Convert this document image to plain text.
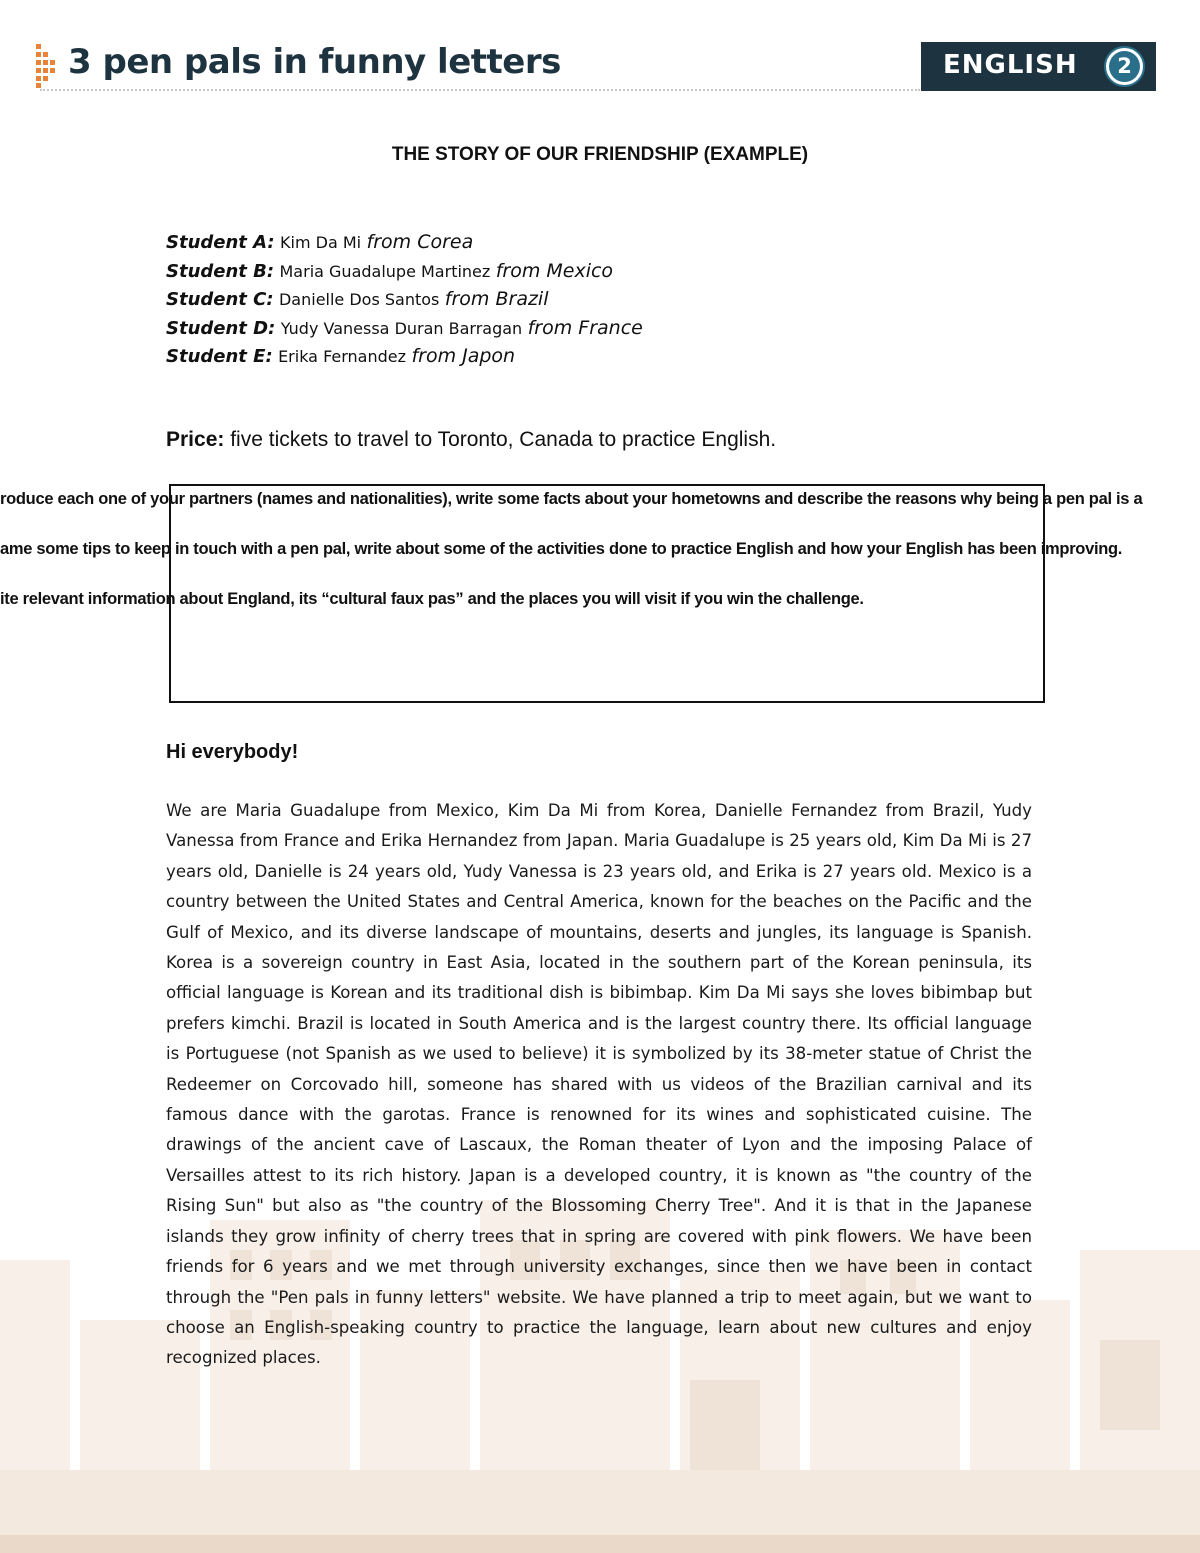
3 pen pals in funny letters	ENGLISH	2
THE STORY OF OUR FRIENDSHIP (EXAMPLE)
Student A: Kim Da Mi from Corea
Student B: Maria Guadalupe Martinez from Mexico
Student C: Danielle Dos Santos from Brazil
Student D: Yudy Vanessa Duran Barragan from France
Student E: Erika Fernandez from Japon
Price: five tickets to travel to Toronto, Canada to practice English.
roduce each one of your partners (names and nationalities), write some facts about your hometowns and describe the reasons why being a pen pal is a
ame some tips to keep in touch with a pen pal, write about some of the activities done to practice English and how your English has been improving.
ite relevant information about England, its “cultural faux pas” and the places you will visit if you win the challenge.
Hi everybody!
We are Maria Guadalupe from Mexico, Kim Da Mi from Korea, Danielle Fernandez from Brazil, Yudy Vanessa from France and Erika Hernandez from Japan. Maria Guadalupe is 25 years old, Kim Da Mi is 27 years old, Danielle is 24 years old, Yudy Vanessa is 23 years old, and Erika is 27 years old. Mexico is a country between the United States and Central America, known for the beaches on the Pacific and the Gulf of Mexico, and its diverse landscape of mountains, deserts and jungles, its language is Spanish. Korea is a sovereign country in East Asia, located in the southern part of the Korean peninsula, its official language is Korean and its traditional dish is bibimbap. Kim Da Mi says she loves bibimbap but prefers kimchi. Brazil is located in South America and is the largest country there. Its official language is Portuguese (not Spanish as we used to believe) it is symbolized by its 38-meter statue of Christ the Redeemer on Corcovado hill, someone has shared with us videos of the Brazilian carnival and its famous dance with the garotas. France is renowned for its wines and sophisticated cuisine. The drawings of the ancient cave of Lascaux, the Roman theater of Lyon and the imposing Palace of Versailles attest to its rich history. Japan is a developed country, it is known as "the country of the Rising Sun" but also as "the country of the Blossoming Cherry Tree". And it is that in the Japanese islands they grow infinity of cherry trees that in spring are covered with pink flowers. We have been friends for 6 years and we met through university exchanges, since then we have been in contact through the "Pen pals in funny letters" website. We have planned a trip to meet again, but we want to choose an English-speaking country to practice the language, learn about new cultures and enjoy recognized places.
